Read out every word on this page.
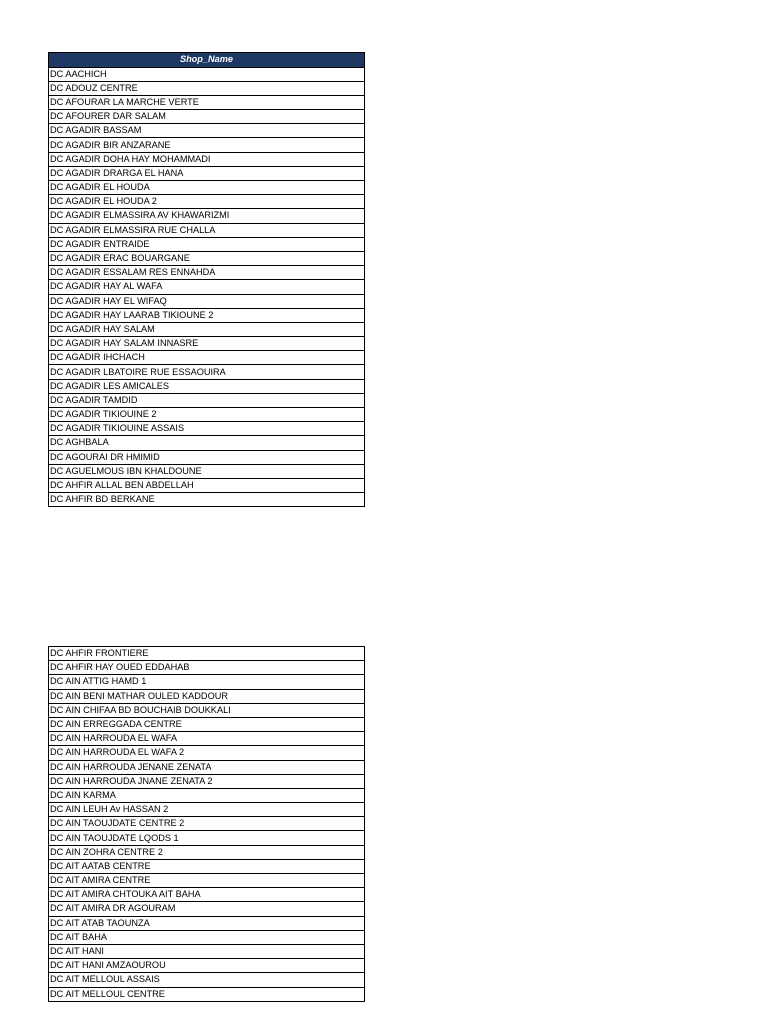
Shop_Name
DC AACHICH
DC ADOUZ CENTRE
DC AFOURAR LA MARCHE VERTE
DC AFOURER DAR SALAM
DC AGADIR BASSAM
DC AGADIR BIR ANZARANE
DC AGADIR DOHA HAY MOHAMMADI
DC AGADIR DRARGA EL HANA
DC AGADIR EL HOUDA
DC AGADIR EL HOUDA 2
DC AGADIR ELMASSIRA AV KHAWARIZMI
DC AGADIR ELMASSIRA RUE CHALLA
DC AGADIR ENTRAIDE
DC AGADIR ERAC BOUARGANE
DC AGADIR ESSALAM RES ENNAHDA
DC AGADIR HAY AL WAFA
DC AGADIR HAY EL WIFAQ
DC AGADIR HAY LAARAB TIKIOUNE 2
DC AGADIR HAY SALAM
DC AGADIR HAY SALAM INNASRE
DC AGADIR IHCHACH
DC AGADIR LBATOIRE RUE ESSAOUIRA
DC AGADIR LES AMICALES
DC AGADIR TAMDID
DC AGADIR TIKIOUINE 2
DC AGADIR TIKIOUINE ASSAIS
DC AGHBALA
DC AGOURAI DR HMIMID
DC AGUELMOUS IBN KHALDOUNE
DC AHFIR ALLAL BEN ABDELLAH
DC AHFIR BD BERKANE
DC AHFIR FRONTIERE
DC AHFIR HAY OUED EDDAHAB
DC AIN ATTIG HAMD 1
DC AIN BENI MATHAR OULED KADDOUR
DC AIN CHIFAA BD BOUCHAIB DOUKKALI
DC AIN ERREGGADA CENTRE
DC AIN HARROUDA EL WAFA
DC AIN HARROUDA EL WAFA 2
DC AIN HARROUDA JENANE ZENATA
DC AIN HARROUDA JNANE ZENATA 2
DC AIN KARMA
DC AIN LEUH Av HASSAN 2
DC AIN TAOUJDATE CENTRE 2
DC AIN TAOUJDATE LQODS 1
DC AIN ZOHRA CENTRE 2
DC AIT AATAB CENTRE
DC AIT AMIRA CENTRE
DC AIT AMIRA CHTOUKA AIT BAHA
DC AIT AMIRA DR AGOURAM
DC AIT ATAB TAOUNZA
DC AIT BAHA
DC AIT HANI
DC AIT HANI AMZAOUROU
DC AIT MELLOUL ASSAIS
DC AIT MELLOUL CENTRE
